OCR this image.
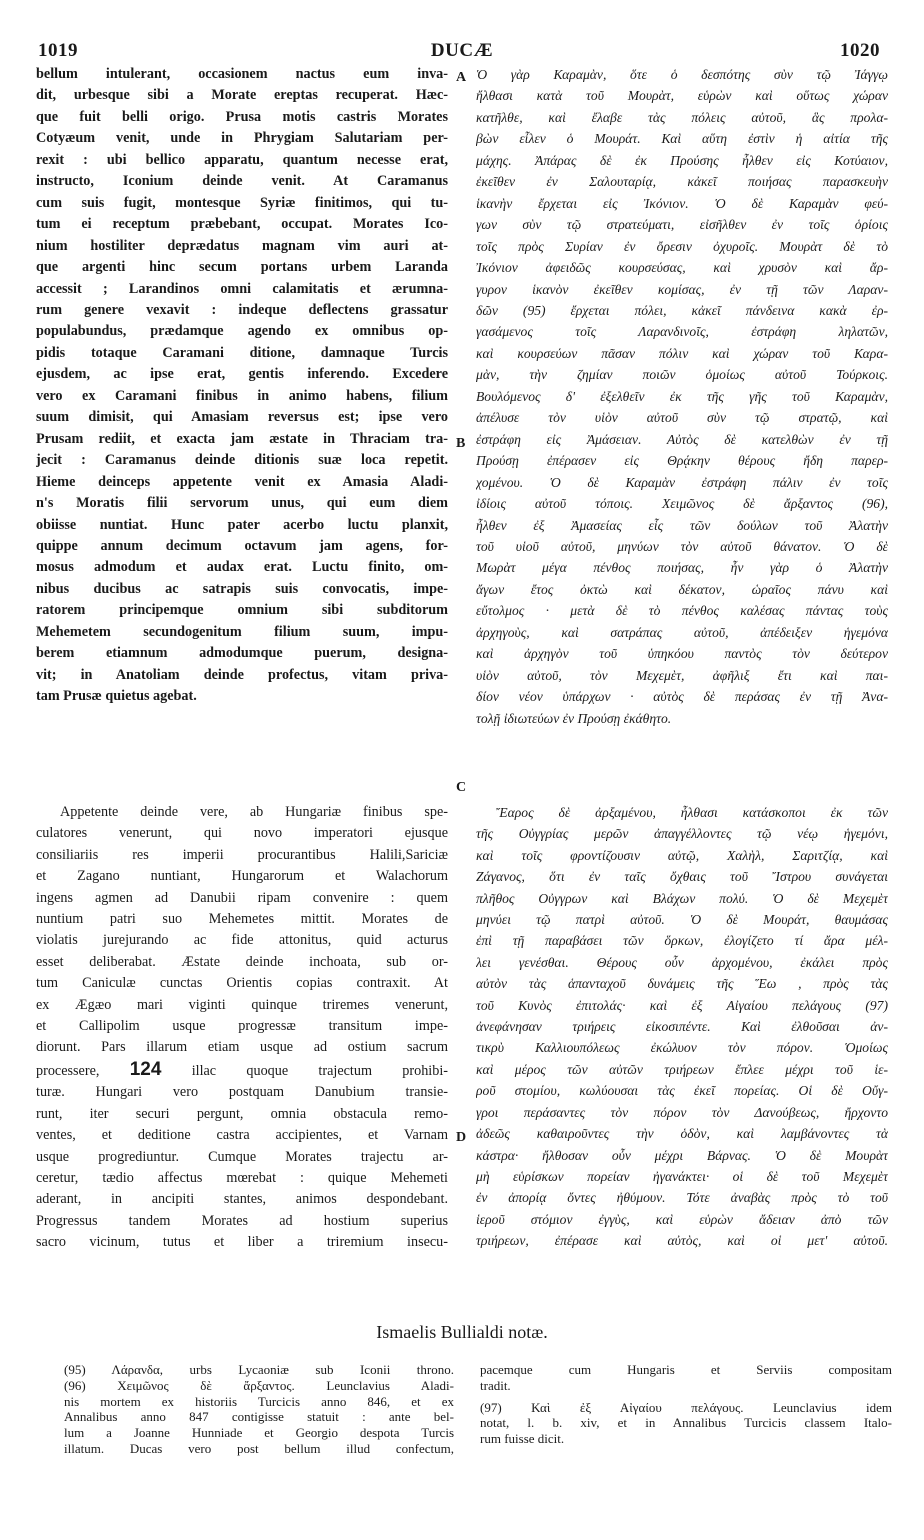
1019	DUCÆ	1020
A
B
C
D

bellum intulerant, occasionem nactus eum inva-

dit, urbesque sibi a Morate ereptas recuperat. Hæc-

que fuit belli origo. Prusa motis castris Morates

Cotyæum venit, unde in Phrygiam Salutariam per-

rexit : ubi bellico apparatu, quantum necesse erat,

instructo, Iconium deinde venit. At Caramanus

cum suis fugit, montesque Syriæ finitimos, qui tu-

tum ei receptum præbebant, occupat. Morates Ico-

nium hostiliter deprædatus magnam vim auri at-

que argenti hinc secum portans urbem Laranda

accessit ; Larandinos omni calamitatis et ærumna-

rum genere vexavit : indeque deflectens grassatur

populabundus, prædamque agendo ex omnibus op-

pidis totaque Caramani ditione, damnaque Turcis

ejusdem, ac ipse erat, gentis inferendo. Excedere

vero ex Caramani finibus in animo habens, filium

suum dimisit, qui Amasiam reversus est; ipse vero

Prusam rediit, et exacta jam æstate in Thraciam tra-

jecit : Caramanus deinde ditionis suæ loca repetit.

Hieme deinceps appetente venit ex Amasia Aladi-

n's Moratis filii servorum unus, qui eum diem

obiisse nuntiat. Hunc pater acerbo luctu planxit,

quippe annum decimum octavum jam agens, for-

mosus admodum et audax erat. Luctu finito, om-

nibus ducibus ac satrapis suis convocatis, impe-

ratorem principemque omnium sibi subditorum

Mehemetem secundogenitum filium suum, impu-

berem etiamnum admodumque puerum, designa-

vit; in Anatoliam deinde profectus, vitam priva-

tam Prusæ quietus agebat.

Appetente deinde vere, ab Hungariæ finibus spe-

culatores venerunt, qui novo imperatori ejusque

consiliariis res imperii procurantibus Halili,Sariciæ

et Zagano nuntiant, Hungarorum et Walachorum

ingens agmen ad Danubii ripam convenire : quem

nuntium patri suo Mehemetes mittit. Morates de

violatis jurejurando ac fide attonitus, quid acturus

esset deliberabat. Æstate deinde inchoata, sub or-

tum Caniculæ cunctas Orientis copias contraxit. At

ex Ægæo mari viginti quinque triremes venerunt,

et Callipolim usque progressæ transitum impe-

diorunt. Pars illarum etiam usque ad ostium sacrum

processere, 124 illac quoque trajectum prohibi-

turæ. Hungari vero postquam Danubium transie-

runt, iter securi pergunt, omnia obstacula remo-

ventes, et deditione castra accipientes, et Varnam

usque progrediuntur. Cumque Morates trajectu ar-

ceretur, tædio affectus mœrebat : quique Mehemeti

aderant, in ancipiti stantes, animos despondebant.

Progressus tandem Morates ad hostium superius

sacro vicinum, tutus et liber a triremium insecu-

Ὁ γὰρ Καραμὰν, ὅτε ὁ δεσπότης σὺν τῷ Ἰάγγῳ

ἤλθασι κατὰ τοῦ Μουρὰτ, εὑρὼν καὶ οὕτως χώραν

κατῆλθε, καὶ ἔλαβε τὰς πόλεις αὐτοῦ, ἃς προλα-

βὼν εἶλεν ὁ Μουράτ. Καὶ αὕτη ἐστὶν ἡ αἰτία τῆς

μάχης. Ἀπάρας δὲ ἐκ Προύσης ἦλθεν εἰς Κοτύαιον,

ἐκεῖθεν ἐν Σαλουταρίᾳ, κἀκεῖ ποιήσας παρασκευὴν

ἱκανὴν ἔρχεται εἰς Ἰκόνιον. Ὁ δὲ Καραμὰν φεύ-

γων σὺν τῷ στρατεύματι, εἰσῆλθεν ἐν τοῖς ὁρίοις

τοῖς πρὸς Συρίαν ἐν ὄρεσιν ὀχυροῖς. Μουρὰτ δὲ τὸ

Ἰκόνιον ἀφειδῶς κουρσεύσας, καὶ χρυσὸν καὶ ἄρ-

γυρον ἱκανὸν ἐκεῖθεν κομίσας, ἐν τῇ τῶν Λαραν-

δῶν (95) ἔρχεται πόλει, κἀκεῖ πάνδεινα κακὰ ἐρ-

γασάμενος τοῖς Λαρανδινοῖς, ἐστράφη ληλατῶν,

καὶ κουρσεύων πᾶσαν πόλιν καὶ χώραν τοῦ Καρα-

μὰν, τὴν ζημίαν ποιῶν ὁμοίως αὐτοῦ Τούρκοις.

Βουλόμενος δ' ἐξελθεῖν ἐκ τῆς γῆς τοῦ Καραμὰν,

ἀπέλυσε τὸν υἱὸν αὐτοῦ σὺν τῷ στρατῷ, καὶ

ἐστράφη εἰς Ἀμάσειαν. Αὐτὸς δὲ κατελθὼν ἐν τῇ

Προύσῃ ἐπέρασεν εἰς Θρᾴκην θέρους ἤδη παρερ-

χομένου. Ὁ δὲ Καραμὰν ἐστράφη πάλιν ἐν τοῖς

ἰδίοις αὐτοῦ τόποις. Χειμῶνος δὲ ἄρξαντος (96),

ἦλθεν ἐξ Ἀμασείας εἷς τῶν δούλων τοῦ Ἀλατὴν

τοῦ υἱοῦ αὐτοῦ, μηνύων τὸν αὐτοῦ θάνατον. Ὁ δὲ

Μωρὰτ μέγα πένθος ποιήσας, ἦν γὰρ ὁ Ἀλατὴν

ἄγων ἔτος ὀκτὼ καὶ δέκατον, ὡραῖος πάνυ καὶ

εὔτολμος · μετὰ δὲ τὸ πένθος καλέσας πάντας τοὺς

ἀρχηγοὺς, καὶ σατράπας αὐτοῦ, ἀπέδειξεν ἡγεμόνα

καὶ ἀρχηγὸν τοῦ ὑπηκόου παντὸς τὸν δεύτερον

υἱὸν αὐτοῦ, τὸν Μεχεμὲτ, ἀφῆλιξ ἔτι καὶ παι-

δίον νέον ὑπάρχων · αὐτὸς δὲ περάσας ἐν τῇ Ἀνα-

τολῇ ἰδιωτεύων ἐν Προύσῃ ἐκάθητο.

Ἔαρος δὲ ἀρξαμένου, ἦλθασι κατάσκοποι ἐκ τῶν

τῆς Οὐγγρίας μερῶν ἀπαγγέλλοντες τῷ νέῳ ἡγεμόνι,

καὶ τοῖς φροντίζουσιν αὐτῷ, Χαλὴλ, Σαριτζίᾳ, καὶ

Ζάγανος, ὅτι ἐν ταῖς ὄχθαις τοῦ Ἴστρου συνάγεται

πλῆθος Οὐγγρων καὶ Βλάχων πολύ. Ὁ δὲ Μεχεμὲτ

μηνύει τῷ πατρὶ αὐτοῦ. Ὁ δὲ Μουράτ, θαυμάσας

ἐπὶ τῇ παραβάσει τῶν ὅρκων, ἐλογίζετο τί ἄρα μέλ-

λει γενέσθαι. Θέρους οὖν ἀρχομένου, ἐκάλει πρὸς

αὐτὸν τὰς ἁπανταχοῦ δυνάμεις τῆς Ἕω , πρὸς τὰς

τοῦ Κυνὸς ἐπιτολάς· καὶ ἐξ Αἰγαίου πελάγους (97)

ἀνεφάνησαν τριήρεις εἰκοσιπέντε. Καὶ ἐλθοῦσαι ἀν-

τικρὺ Καλλιουπόλεως ἐκώλυον τὸν πόρον. Ὁμοίως

καὶ μέρος τῶν αὐτῶν τριήρεων ἔπλεε μέχρι τοῦ ἱε-

ροῦ στομίου, κωλύουσαι τὰς ἐκεῖ πορείας. Οἱ δὲ Οὔγ-

γροι περάσαντες τὸν πόρον τὸν Δανούβεως, ἤρχοντο

ἀδεῶς καθαιροῦντες τὴν ὁδὸν, καὶ λαμβάνοντες τὰ

κάστρα· ἤλθοσαν οὖν μέχρι Βάρνας. Ὁ δὲ Μουρὰτ

μὴ εὑρίσκων πορείαν ἠγανάκτει· οἱ δὲ τοῦ Μεχεμὲτ

ἐν ἀπορίᾳ ὄντες ἠθύμουν. Τότε ἀναβὰς πρὸς τὸ τοῦ

ἱεροῦ στόμιον ἐγγὺς, καὶ εὑρὼν ἄδειαν ἀπὸ τῶν

τριήρεων, ἐπέρασε καὶ αὐτὸς, καὶ οἱ μετ' αὐτοῦ.

Ismaelis Bullialdi notæ.

(95) Λάρανδα, urbs Lycaoniæ sub Iconii throno.

(96) Χειμῶνος δὲ ἄρξαντος. Leunclavius Aladi-

nis mortem ex historiis Turcicis anno 846, et ex

Annalibus anno 847 contigisse statuit : ante bel-

lum a Joanne Hunniade et Georgio despota Turcis

illatum. Ducas vero post bellum illud confectum,

pacemque cum Hungaris et Serviis compositam

tradit.

(97) Καὶ ἐξ Αἰγαίου πελάγους. Leunclavius idem

notat, l. b. xiv, et in Annalibus Turcicis classem Italo-

rum fuisse dicit.
